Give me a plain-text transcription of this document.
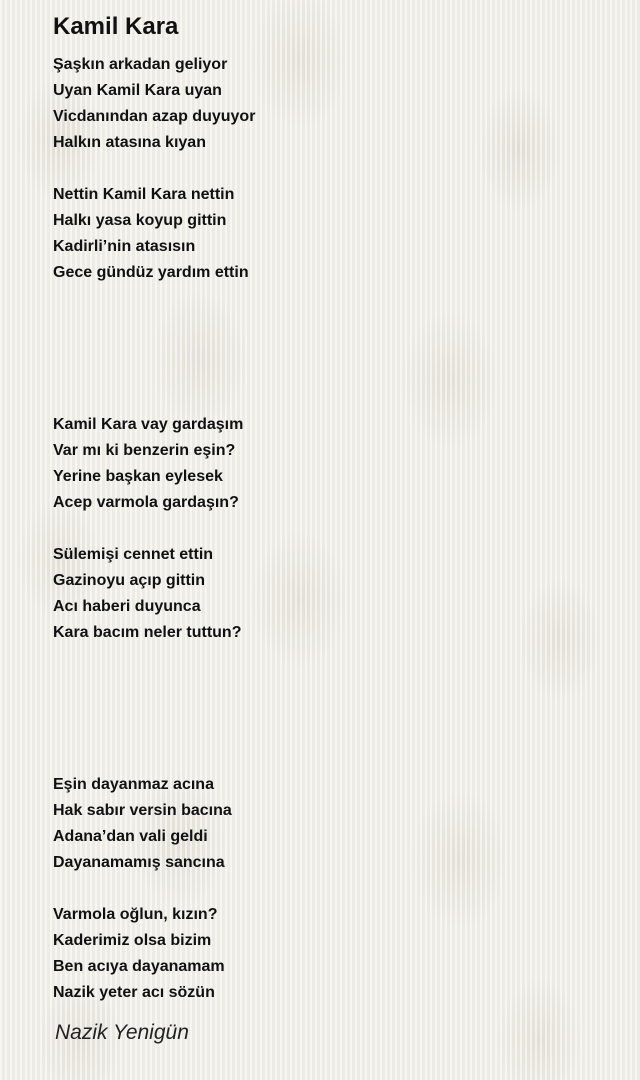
Kamil Kara
Şaşkın arkadan geliyor
Uyan Kamil Kara uyan
Vicdanından azap duyuyor
Halkın atasına kıyan
Nettin Kamil Kara nettin
Halkı yasa koyup gittin
Kadirli’nin atasısın
Gece gündüz yardım ettin
Kamil Kara vay gardaşım
Var mı ki benzerin eşin?
Yerine başkan eylesek
Acep varmola gardaşın?
Sülemişi cennet ettin
Gazinoyu açıp gittin
Acı haberi duyunca
Kara bacım neler tuttun?
Eşin dayanmaz acına
Hak sabır versin bacına
Adana’dan vali geldi
Dayanamamış sancına
Varmola oğlun, kızın?
Kaderimiz olsa bizim
Ben acıya dayanamam
Nazik yeter acı sözün
Nazik Yenigün
